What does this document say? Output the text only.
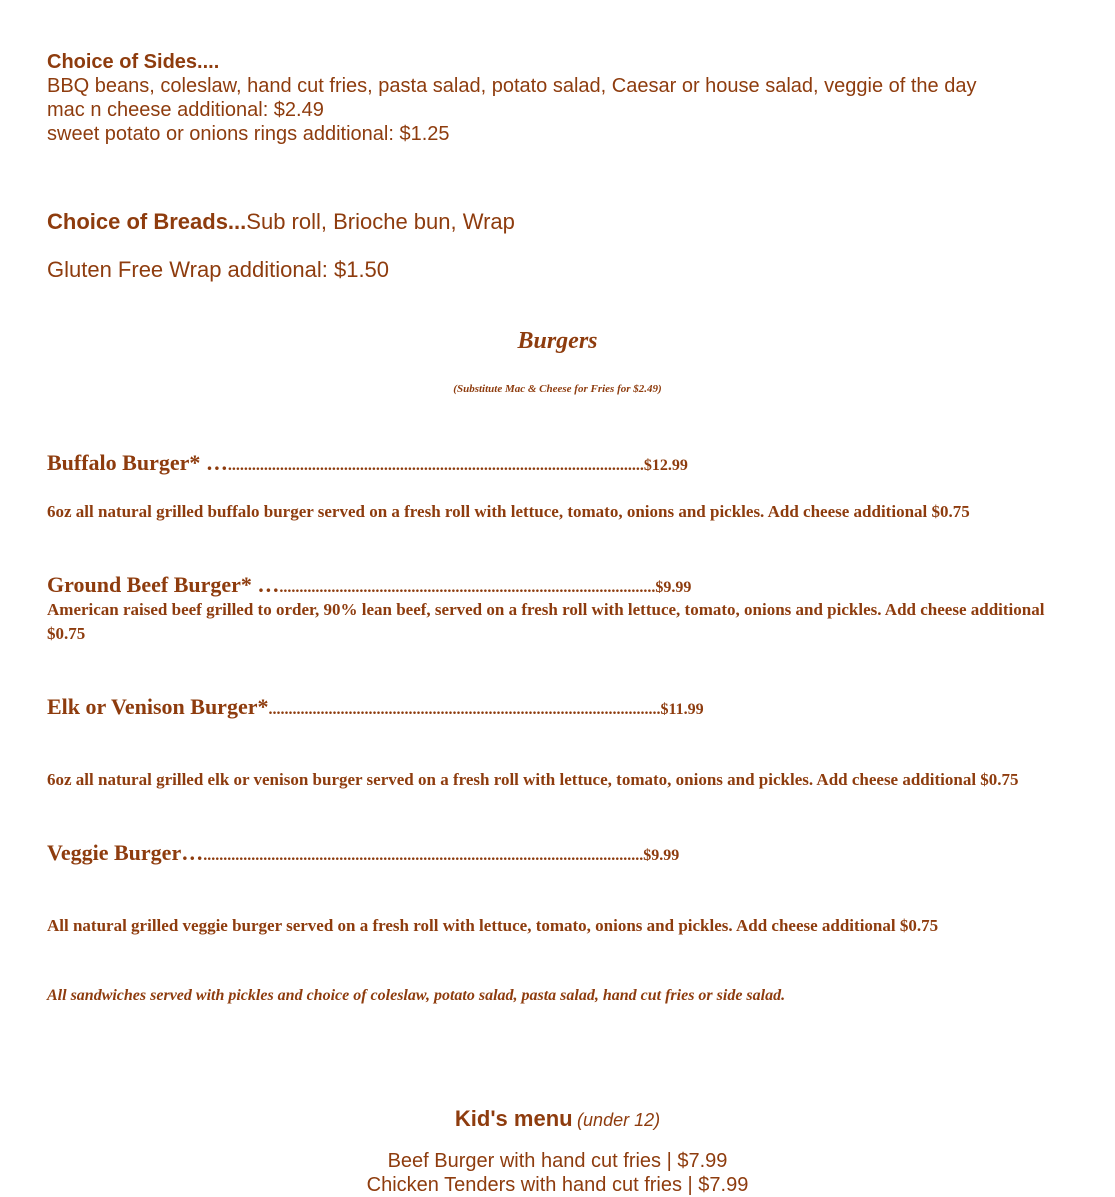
Choice of Sides....
BBQ beans, coleslaw, hand cut fries, pasta salad, potato salad, Caesar or house salad, veggie of the day
mac n cheese additional: $2.49
sweet potato or onions rings additional: $1.25
Choice of Breads...Sub roll, Brioche bun, Wrap
Gluten Free Wrap additional: $1.50
Burgers
(Substitute Mac & Cheese for Fries for $2.49)
Buffalo Burger* …........................................................................................................$12.99
6oz all natural grilled buffalo burger served on a fresh roll with lettuce, tomato, onions and pickles. Add cheese additional $0.75
Ground Beef Burger* …..............................................................................................$9.99
American raised beef grilled to order, 90% lean beef, served on a fresh roll with lettuce, tomato, onions and pickles. Add cheese additional $0.75
Elk or Venison Burger*..................................................................................................$11.99
6oz all natural grilled elk or venison burger served on a fresh roll with lettuce, tomato, onions and pickles. Add cheese additional $0.75
Veggie Burger…..............................................................................................................$9.99
All natural grilled veggie burger served on a fresh roll with lettuce, tomato, onions and pickles. Add cheese additional $0.75
All sandwiches served with pickles and choice of coleslaw, potato salad, pasta salad, hand cut fries or side salad.
Kid's menu (under 12)
Beef Burger with hand cut fries | $7.99
Chicken Tenders with hand cut fries | $7.99
